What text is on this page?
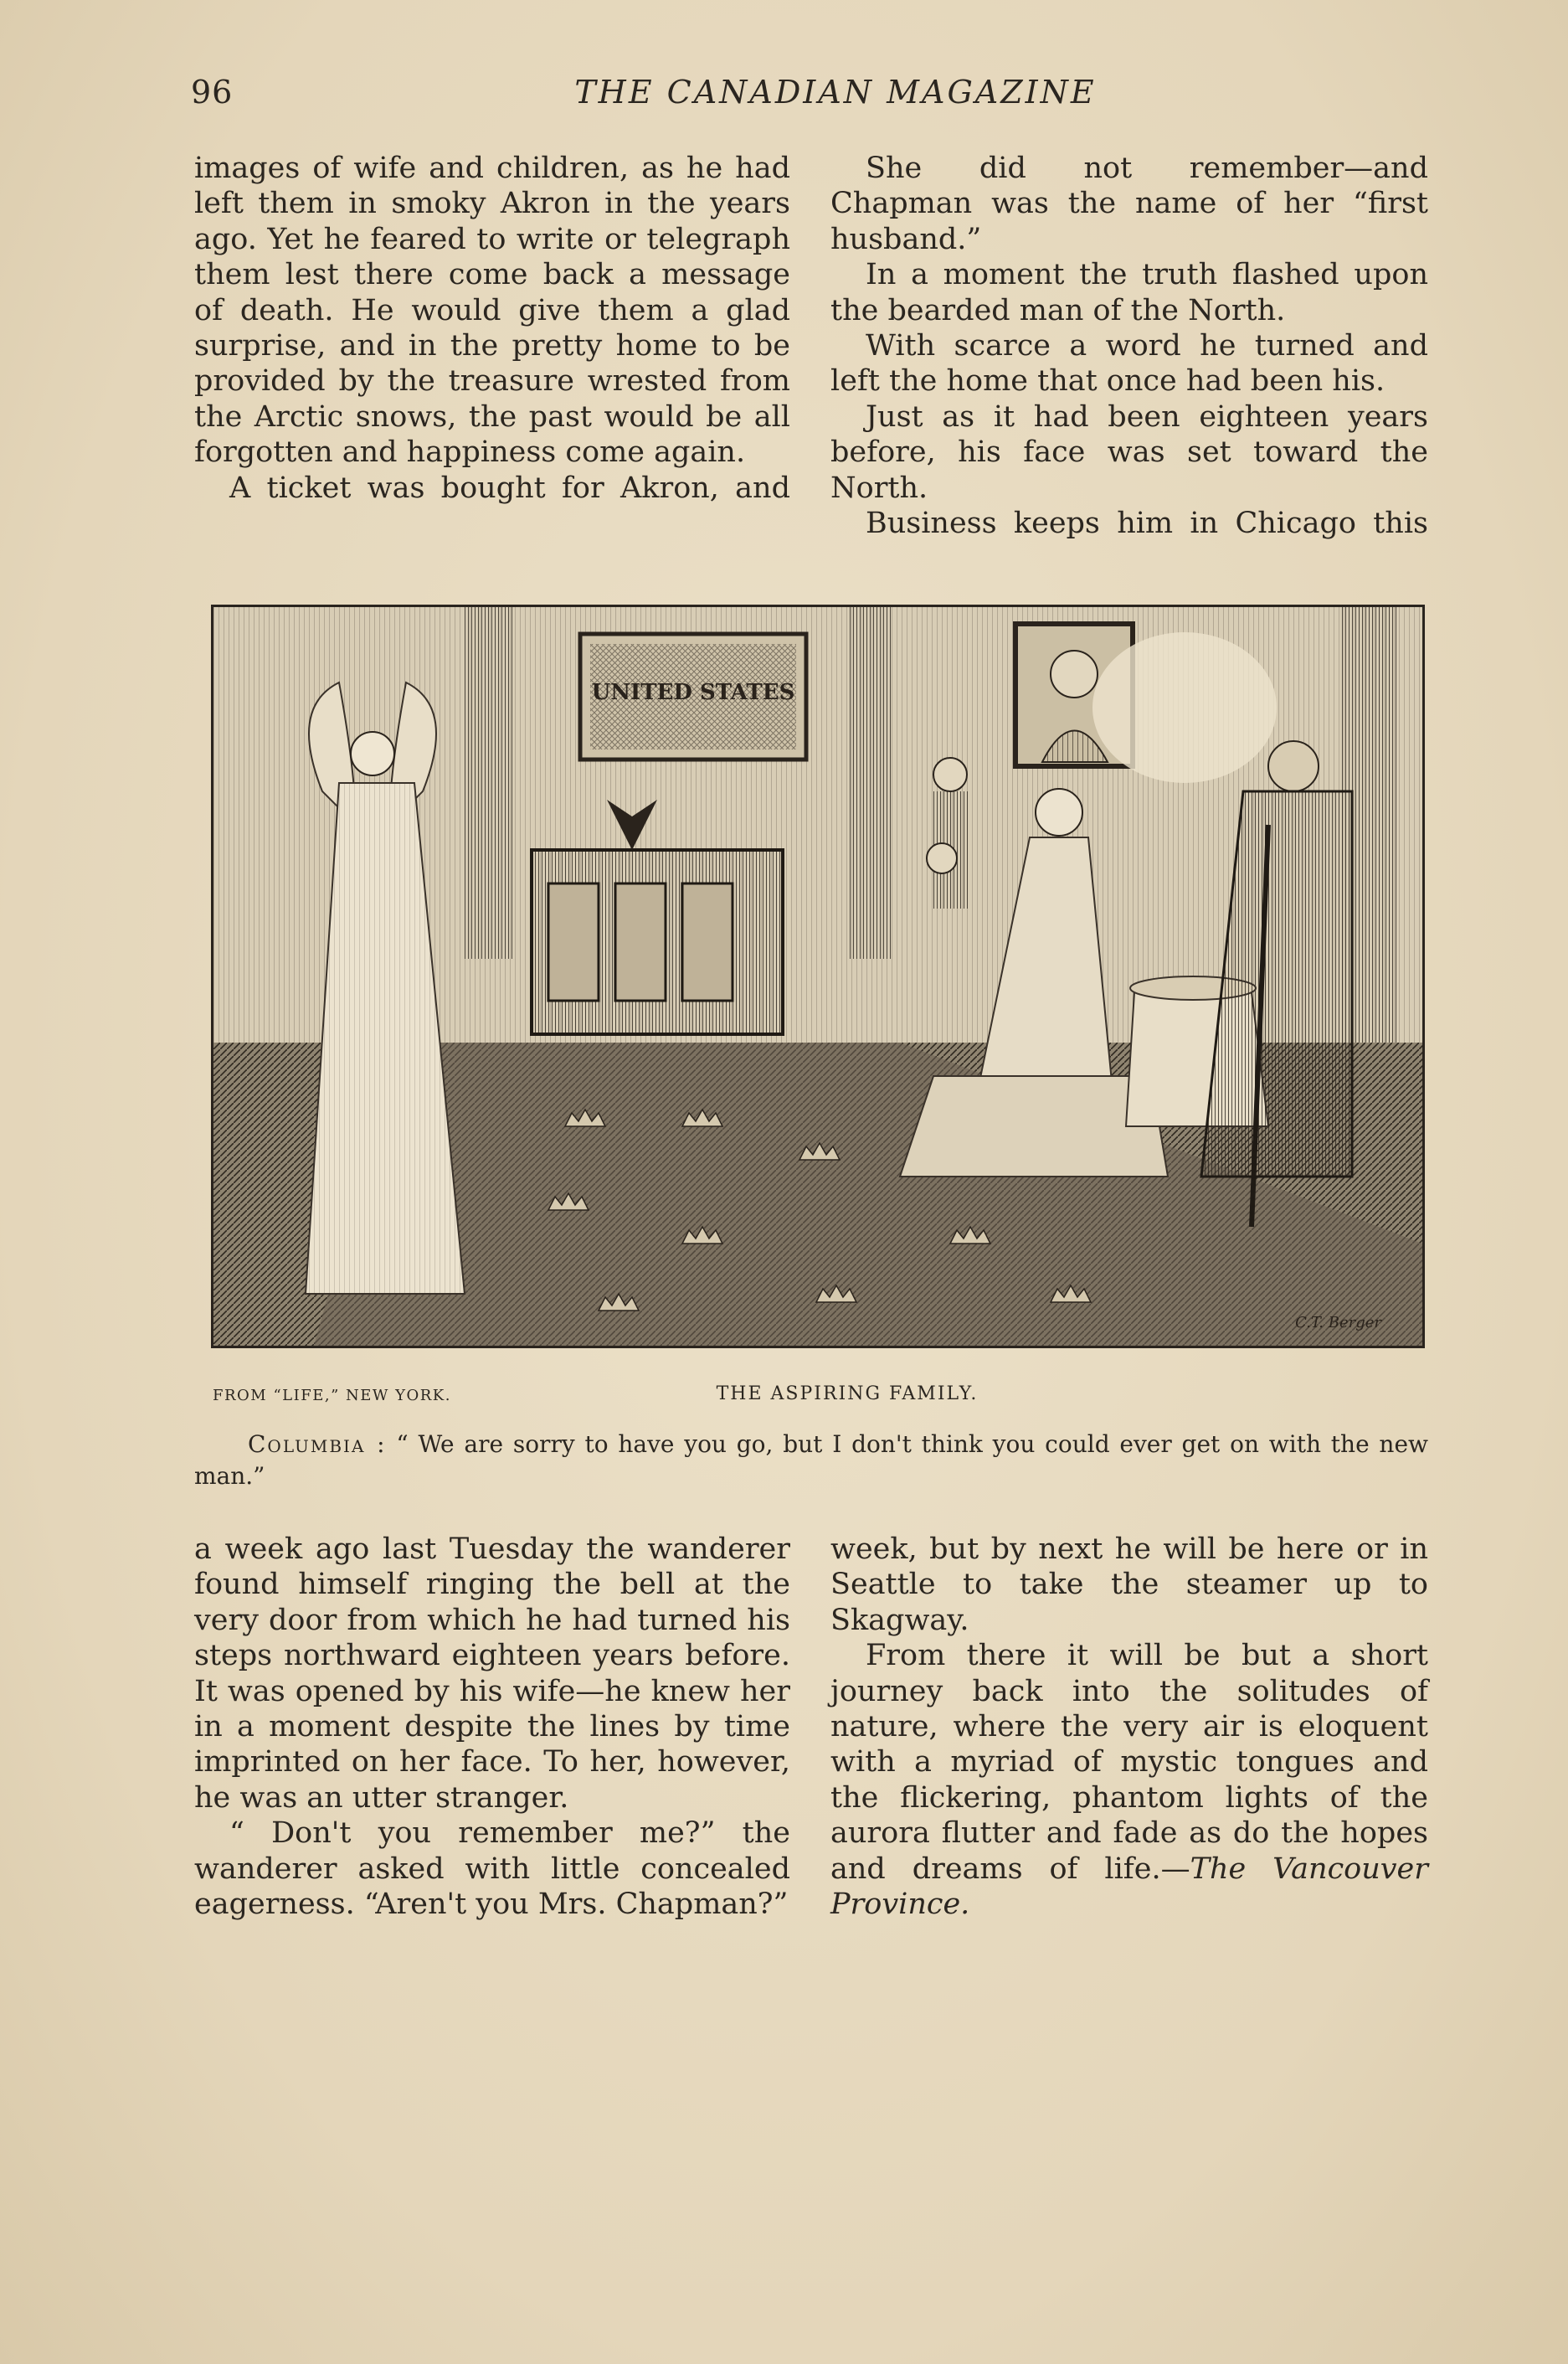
96	THE CANADIAN MAGAZINE

images of wife and children, as he had left them in smoky Akron in the years ago. Yet he feared to write or telegraph them lest there come back a message of death. He would give them a glad surprise, and in the pretty home to be provided by the treasure wrested from the Arctic snows, the past would be all forgotten and happiness come again.

A ticket was bought for Akron, and

She did not remember—and Chapman was the name of her “first husband.”

In a moment the truth flashed upon the bearded man of the North.

With scarce a word he turned and left the home that once had been his.

Just as it had been eighteen years before, his face was set toward the North.

Business keeps him in Chicago this

UNITED STATES
C.T. Berger
FROM “LIFE,” NEW YORK.	THE ASPIRING FAMILY.
Columbia : “ We are sorry to have you go, but I don't think you could ever get on with the new man.”

a week ago last Tuesday the wanderer found himself ringing the bell at the very door from which he had turned his steps northward eighteen years before. It was opened by his wife—he knew her in a moment despite the lines by time imprinted on her face. To her, however, he was an utter stranger.

“ Don't you remember me?” the wanderer asked with little concealed eagerness. “Aren't you Mrs. Chapman?”

week, but by next he will be here or in Seattle to take the steamer up to Skagway.

From there it will be but a short journey back into the solitudes of nature, where the very air is eloquent with a myriad of mystic tongues and the flickering, phantom lights of the aurora flutter and fade as do the hopes and dreams of life.—The Vancouver Province.
